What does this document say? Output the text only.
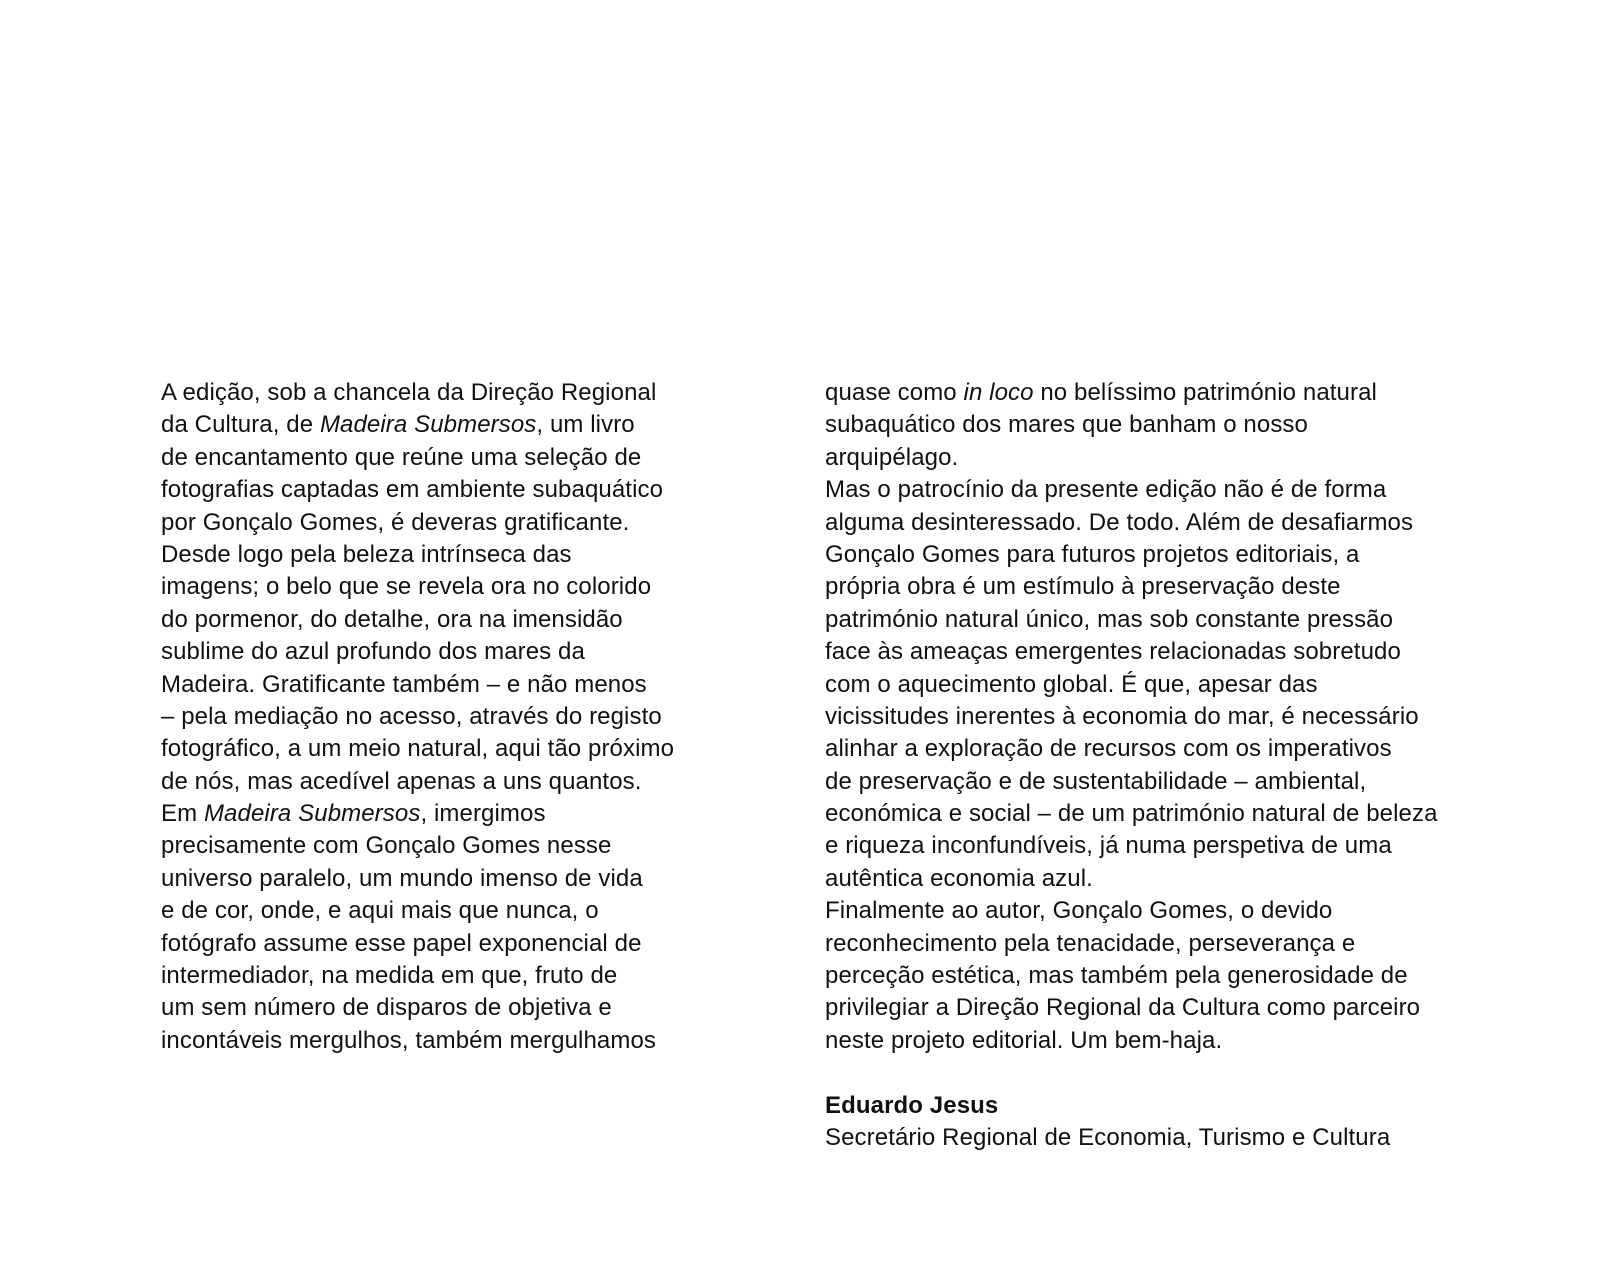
A edição, sob a chancela da Direção Regional
da Cultura, de Madeira Submersos, um livro
de encantamento que reúne uma seleção de
fotografias captadas em ambiente subaquático
por Gonçalo Gomes, é deveras gratificante.
Desde logo pela beleza intrínseca das
imagens; o belo que se revela ora no colorido
do pormenor, do detalhe, ora na imensidão
sublime do azul profundo dos mares da
Madeira. Gratificante também – e não menos
– pela mediação no acesso, através do registo
fotográfico, a um meio natural, aqui tão próximo
de nós, mas acedível apenas a uns quantos.
Em Madeira Submersos, imergimos
precisamente com Gonçalo Gomes nesse
universo paralelo, um mundo imenso de vida
e de cor, onde, e aqui mais que nunca, o
fotógrafo assume esse papel exponencial de
intermediador, na medida em que, fruto de
um sem número de disparos de objetiva e
incontáveis mergulhos, também mergulhamos
quase como in loco no belíssimo património natural
subaquático dos mares que banham o nosso
arquipélago.
Mas o patrocínio da presente edição não é de forma
alguma desinteressado. De todo. Além de desafiarmos
Gonçalo Gomes para futuros projetos editoriais, a
própria obra é um estímulo à preservação deste
património natural único, mas sob constante pressão
face às ameaças emergentes relacionadas sobretudo
com o aquecimento global. É que, apesar das
vicissitudes inerentes à economia do mar, é necessário
alinhar a exploração de recursos com os imperativos
de preservação e de sustentabilidade – ambiental,
económica e social – de um património natural de beleza
e riqueza inconfundíveis, já numa perspetiva de uma
autêntica economia azul.
Finalmente ao autor, Gonçalo Gomes, o devido
reconhecimento pela tenacidade, perseverança e
perceção estética, mas também pela generosidade de
privilegiar a Direção Regional da Cultura como parceiro
neste projeto editorial. Um bem-haja.

Eduardo Jesus
Secretário Regional de Economia, Turismo e Cultura
